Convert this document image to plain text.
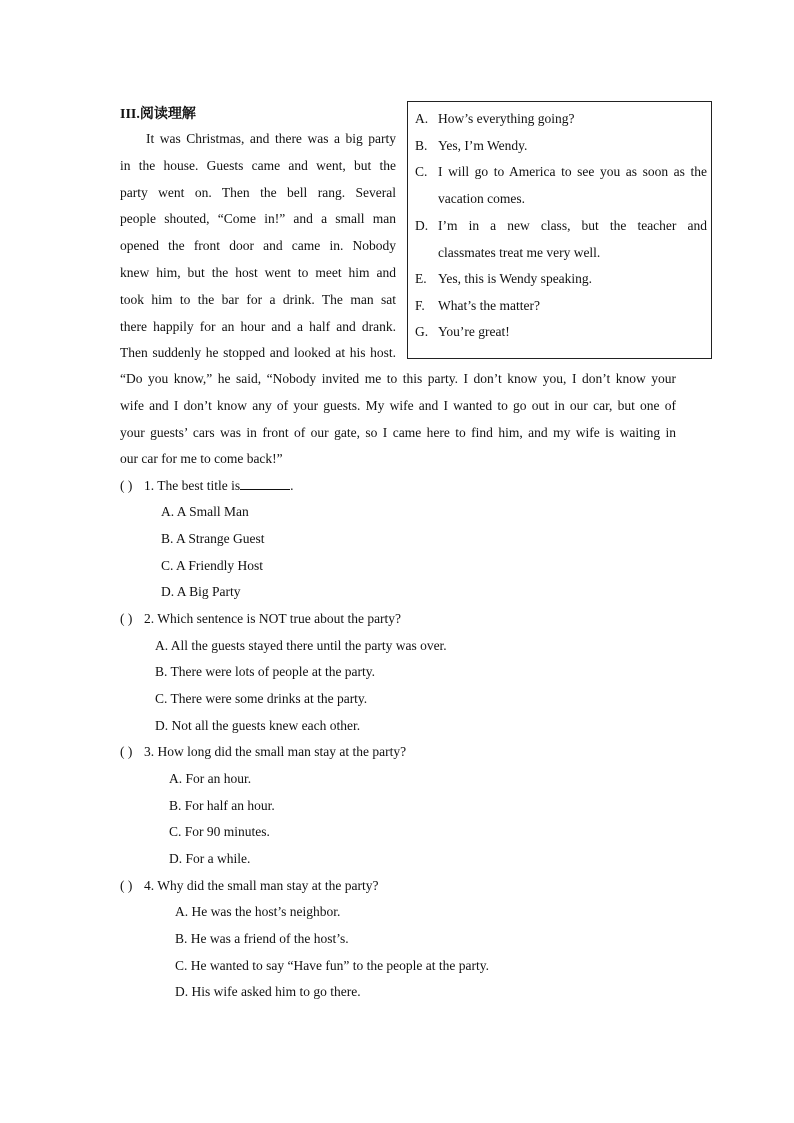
III.阅读理解
It was Christmas, and there was a big party
in the house. Guests came and went, but the
party went on. Then the bell rang. Several
people shouted, “Come in!” and a small man
opened the front door and came in. Nobody
knew him, but the host went to meet him and
took him to the bar for a drink. The man sat
there happily for an hour and a half and drank.
Then suddenly he stopped and looked at his host.
“Do you know,” he said, “Nobody invited me to this party. I don’t know you, I don’t know your
wife and I don’t know any of your guests. My wife and I wanted to go out in our car, but one of
your guests’ cars was in front of our gate, so I came here to find him, and my wife is waiting in
our car for me to come back!”
A. How’s everything going?
B. Yes, I’m Wendy.
C. I will go to America to see you as soon as the
vacation comes.
D. I’m in a new class, but the teacher and
classmates treat me very well.
E. Yes, this is Wendy speaking.
F. What’s the matter?
G. You’re great!
( ) 1. The best title is	.
A. A Small Man
B. A Strange Guest
C. A Friendly Host
D. A Big Party
( ) 2. Which sentence is NOT true about the party?
A. All the guests stayed there until the party was over.
B. There were lots of people at the party.
C. There were some drinks at the party.
D. Not all the guests knew each other.
( ) 3. How long did the small man stay at the party?
A. For an hour.
B. For half an hour.
C. For 90 minutes.
D. For a while.
( ) 4. Why did the small man stay at the party?
A. He was the host’s neighbor.
B. He was a friend of the host’s.
C. He wanted to say “Have fun” to the people at the party.
D. His wife asked him to go there.
